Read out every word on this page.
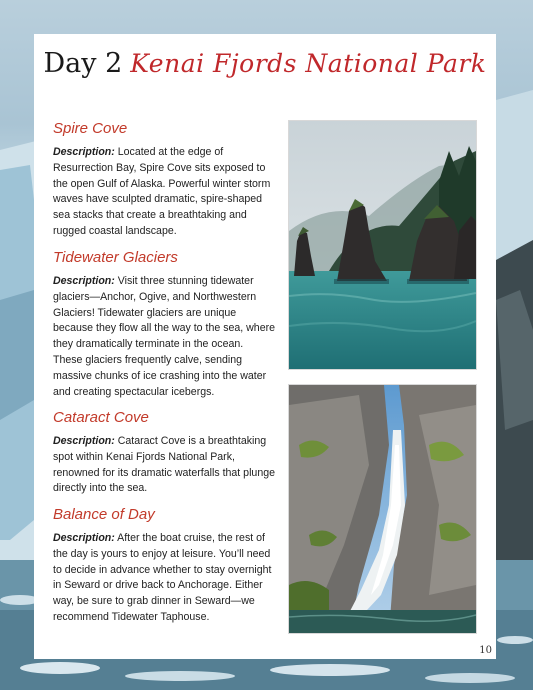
Day 2 Kenai Fjords National Park

Spire Cove

Description: Located at the edge of Resurrection Bay, Spire Cove sits exposed to the open Gulf of Alaska. Powerful winter storm waves have sculpted dramatic, spire-shaped sea stacks that create a breathtaking and rugged coastal landscape.

Tidewater Glaciers

Description: Visit three stunning tidewater glaciers—Anchor, Ogive, and Northwestern Glaciers! Tidewater glaciers are unique because they flow all the way to the sea, where they dramatically terminate in the ocean. These glaciers frequently calve, sending massive chunks of ice crashing into the water and creating spectacular icebergs.

Cataract Cove

Description: Cataract Cove is a breathtaking spot within Kenai Fjords National Park, renowned for its dramatic waterfalls that plunge directly into the sea.

Balance of Day

Description: After the boat cruise, the rest of the day is yours to enjoy at leisure. You’ll need to decide in advance whether to stay overnight in Seward or drive back to Anchorage. Either way, be sure to grab dinner in Seward—we recommend Tidewater Taphouse.

10
